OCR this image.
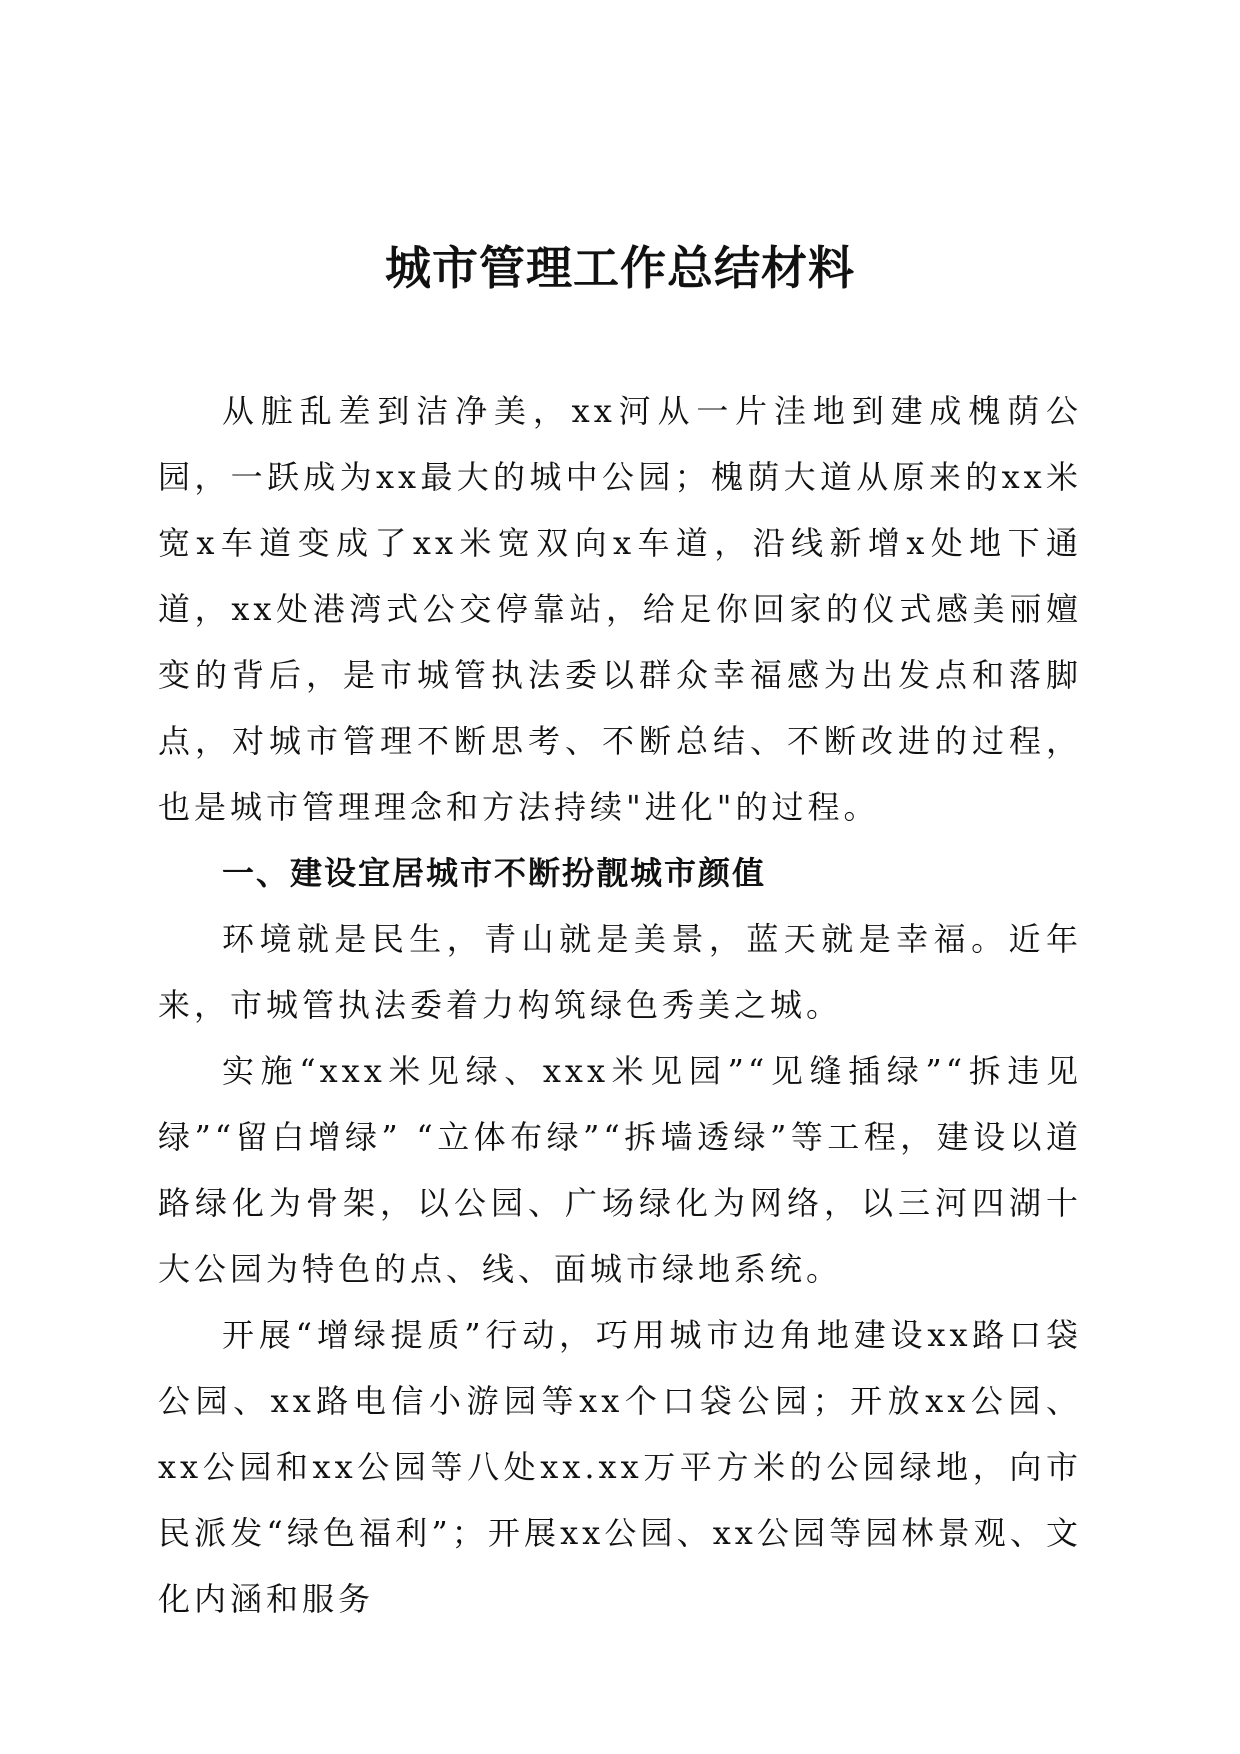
城市管理工作总结材料

从脏乱差到洁净美，xx河从一片洼地到建成槐荫公园，一跃成为xx最大的城中公园；槐荫大道从原来的xx米宽x车道变成了xx米宽双向x车道，沿线新增x处地下通道，xx处港湾式公交停靠站，给足你回家的仪式感美丽嬗变的背后，是市城管执法委以群众幸福感为出发点和落脚点，对城市管理不断思考、不断总结、不断改进的过程，也是城市管理理念和方法持续"进化"的过程。

一、建设宜居城市不断扮靓城市颜值

环境就是民生，青山就是美景，蓝天就是幸福。近年来，市城管执法委着力构筑绿色秀美之城。

实施“xxx米见绿、xxx米见园”“见缝插绿”“拆违见绿”“留白增绿” “立体布绿”“拆墙透绿”等工程，建设以道路绿化为骨架，以公园、广场绿化为网络，以三河四湖十大公园为特色的点、线、面城市绿地系统。

开展“增绿提质”行动，巧用城市边角地建设xx路口袋公园、xx路电信小游园等xx个口袋公园；开放xx公园、xx公园和xx公园等八处xx.xx万平方米的公园绿地，向市民派发“绿色福利”；开展xx公园、xx公园等园林景观、文化内涵和服务
